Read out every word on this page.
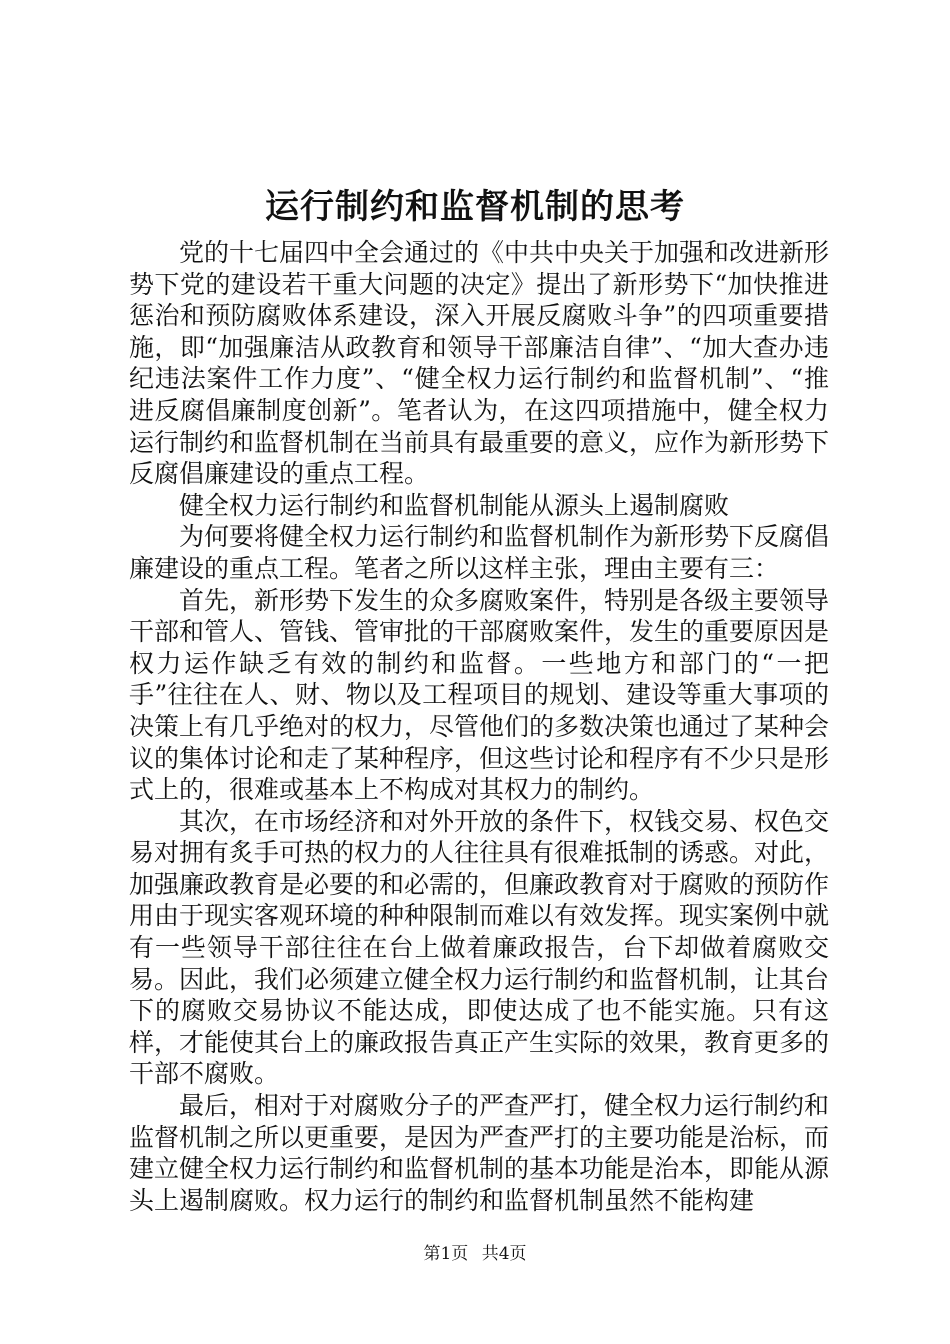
运行制约和监督机制的思考

党的十七届四中全会通过的《中共中央关于加强和改进新形势下党的建设若干重大问题的决定》提出了新形势下“加快推进惩治和预防腐败体系建设，深入开展反腐败斗争”的四项重要措施，即“加强廉洁从政教育和领导干部廉洁自律”、“加大查办违纪违法案件工作力度”、“健全权力运行制约和监督机制”、“推进反腐倡廉制度创新”。笔者认为，在这四项措施中，健全权力运行制约和监督机制在当前具有最重要的意义，应作为新形势下反腐倡廉建设的重点工程。

健全权力运行制约和监督机制能从源头上遏制腐败

为何要将健全权力运行制约和监督机制作为新形势下反腐倡廉建设的重点工程。笔者之所以这样主张，理由主要有三：

首先，新形势下发生的众多腐败案件，特别是各级主要领导干部和管人、管钱、管审批的干部腐败案件，发生的重要原因是权力运作缺乏有效的制约和监督。一些地方和部门的“一把手”往往在人、财、物以及工程项目的规划、建设等重大事项的决策上有几乎绝对的权力，尽管他们的多数决策也通过了某种会议的集体讨论和走了某种程序，但这些讨论和程序有不少只是形式上的，很难或基本上不构成对其权力的制约。

其次，在市场经济和对外开放的条件下，权钱交易、权色交易对拥有炙手可热的权力的人往往具有很难抵制的诱惑。对此，加强廉政教育是必要的和必需的，但廉政教育对于腐败的预防作用由于现实客观环境的种种限制而难以有效发挥。现实案例中就有一些领导干部往往在台上做着廉政报告，台下却做着腐败交易。因此，我们必须建立健全权力运行制约和监督机制，让其台下的腐败交易协议不能达成，即使达成了也不能实施。只有这样，才能使其台上的廉政报告真正产生实际的效果，教育更多的干部不腐败。

最后，相对于对腐败分子的严查严打，健全权力运行制约和监督机制之所以更重要，是因为严查严打的主要功能是治标，而建立健全权力运行制约和监督机制的基本功能是治本，即能从源头上遏制腐败。权力运行的制约和监督机制虽然不能构建

第1页 共4页
